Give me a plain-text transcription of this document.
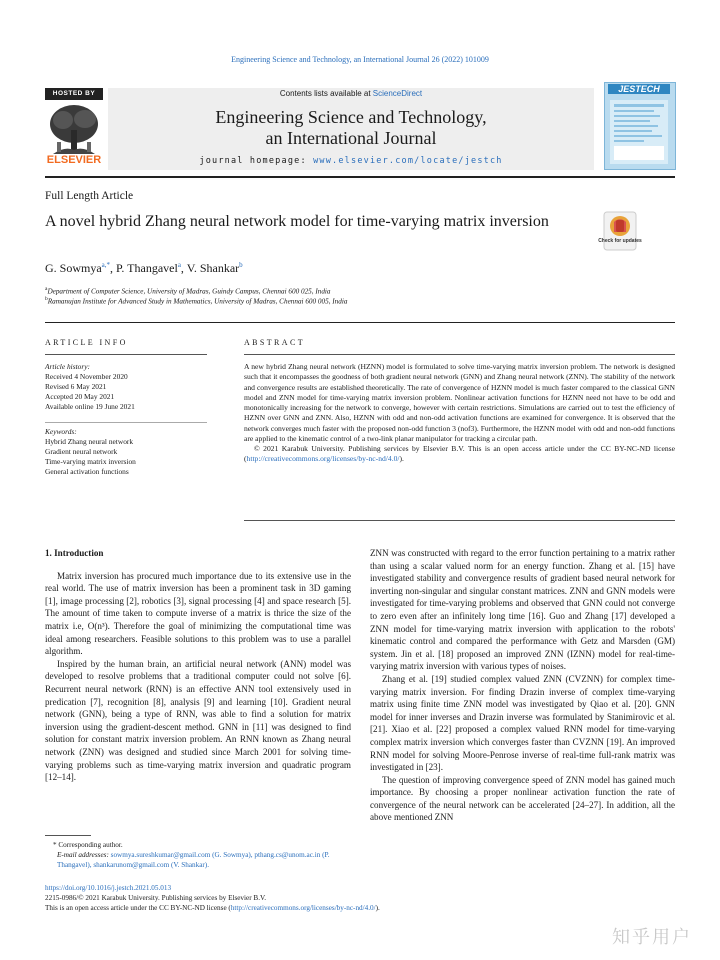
Engineering Science and Technology, an International Journal 26 (2022) 101009
HOSTED BY
ELSEVIER
Contents lists available at ScienceDirect
Engineering Science and Technology,
an International Journal
journal homepage: www.elsevier.com/locate/jestch
JESTECH
Full Length Article
A novel hybrid Zhang neural network model for time-varying matrix inversion
Check for updates
G. Sowmya$^{a,*}$, P. Thangavel$^a$, V. Shankar$^b$
$^a$Department of Computer Science, University of Madras, Guindy Campus, Chennai 600 025, India
$^b$Ramanujan Institute for Advanced Study in Mathematics, University of Madras, Chennai 600 005, India
ARTICLE INFO
Article history:
Received 4 November 2020
Revised 6 May 2021
Accepted 20 May 2021
Available online 19 June 2021
Keywords:
Hybrid Zhang neural network
Gradient neural network
Time-varying matrix inversion
General activation functions
ABSTRACT
A new hybrid Zhang neural network (HZNN) model is formulated to solve time-varying matrix inversion problem. The network is designed such that it encompasses the goodness of both gradient neural network (GNN) and Zhang neural network (ZNN). The stability of the network and convergence results are established theoretically. The rate of convergence of HZNN model is much faster compared to the classical GNN model and ZNN model for time-varying matrix inversion problem. Nonlinear activation functions for HZNN need not have to be odd and monotonically increasing for the network to converge, however with certain restrictions. Simulations are carried out to test the efficiency of HZNN over GNN and ZNN. Also, HZNN with odd and non-odd activation functions are examined for convergence. It is observed that the network converges much faster with the proposed non-odd function 3 (nof3). Furthermore, the HZNN model with odd and non-odd functions are applied to the kinematic control of a two-link planar manipulator for tracking a circular path.
© 2021 Karabuk University. Publishing services by Elsevier B.V. This is an open access article under the CC BY-NC-ND license (http://creativecommons.org/licenses/by-nc-nd/4.0/).
1. Introduction

Matrix inversion has procured much importance due to its extensive use in the real world. The use of matrix inversion has been a prominent task in 3D gaming [1], image processing [2], robotics [3], signal processing [4] and space research [5]. The amount of time taken to compute inverse of a matrix is thrice the size of the matrix i.e, O(n³). Therefore the goal of minimizing the computational time was ideal among researchers. Feasible solutions to this problem was to use a parallel algorithm.

Inspired by the human brain, an artificial neural network (ANN) model was developed to resolve problems that a traditional computer could not solve [6]. Recurrent neural network (RNN) is an effective ANN tool extensively used in predication [7], recognition [8], analysis [9] and learning [10]. Gradient neural network (GNN), being a type of RNN, was able to find a solution for matrix inversion using the gradient-descent method. GNN in [11] was designed to find solution for constant matrix inversion problem. An RNN known as Zhang neural network (ZNN) was designed and studied since March 2001 for solving time-varying problems such as time-varying matrix inversion and quadratic program [12–14].

ZNN was constructed with regard to the error function pertaining to a matrix rather than using a scalar valued norm for an energy function. Zhang et al. [15] have investigated stability and convergence results of gradient based neural network for inverting non-singular and singular constant matrices. ZNN and GNN models were investigated for time-varying problems and observed that GNN could not converge to zero even after an infinitely long time [16]. Guo and Zhang [17] developed a ZNN model for time-varying matrix inversion with application to the robots' kinematic control and compared the performance with Getz and Marsden (GM) system. Jin et al. [18] proposed an improved ZNN (IZNN) model for real-time-varying matrix inversion with various types of noises.

Zhang et al. [19] studied complex valued ZNN (CVZNN) for complex time-varying matrix inversion. For finding Drazin inverse of complex time-varying matrix using finite time ZNN model was investigated by Qiao et al. [20]. GNN model for inner inverses and Drazin inverse was formulated by Stanimirovic et al. [21]. Xiao et al. [22] proposed a complex valued RNN model for time-varying complex matrix inversion which converges faster than CVZNN [19]. An improved RNN model for solving Moore-Penrose inverse of real-time full-rank matrix was investigated in [23].

The question of improving convergence speed of ZNN model has gained much importance. By choosing a proper nonlinear activation function the rate of convergence of the neural network can be accelerated [24–27]. In addition, all the above mentioned ZNN

* Corresponding author.
E-mail addresses: sowmya.sureshkumar@gmail.com (G. Sowmya), pthang.cs@unom.ac.in (P. Thangavel), shankarunom@gmail.com (V. Shankar).
https://doi.org/10.1016/j.jestch.2021.05.013
2215-0986/© 2021 Karabuk University. Publishing services by Elsevier B.V.
This is an open access article under the CC BY-NC-ND license (http://creativecommons.org/licenses/by-nc-nd/4.0/).
知乎用户
